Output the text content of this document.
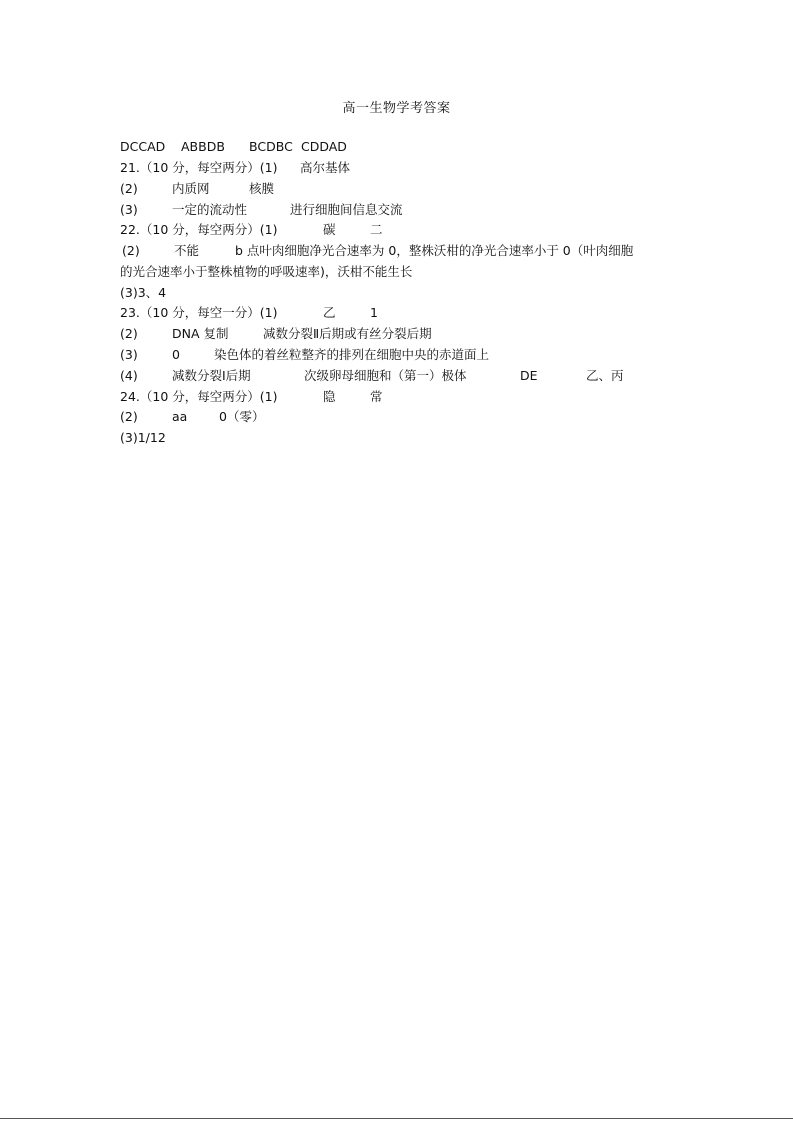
高一生物学考答案
DCCAD ABBDB BCDBC CDDAD
21.（10 分，每空两分）(1) 高尔基体
(2)	内质网	核膜
(3)	一定的流动性	进行细胞间信息交流
22.（10 分，每空两分）(1)	碳	二
(2)	不能	b 点叶肉细胞净光合速率为 0，整株沃柑的净光合速率小于 0（叶肉细胞
的光合速率小于整株植物的呼吸速率)，沃柑不能生长
(3)3、4
23.（10 分，每空一分）(1)	乙	1
(2)	DNA 复制	减数分裂Ⅱ后期或有丝分裂后期
(3)	0	染色体的着丝粒整齐的排列在细胞中央的赤道面上
(4)	减数分裂Ⅰ后期	次级卵母细胞和（第一）极体	DE	乙、丙
24.（10 分，每空两分）(1)	隐	常
(2)	aa	0（零）
(3)1/12
